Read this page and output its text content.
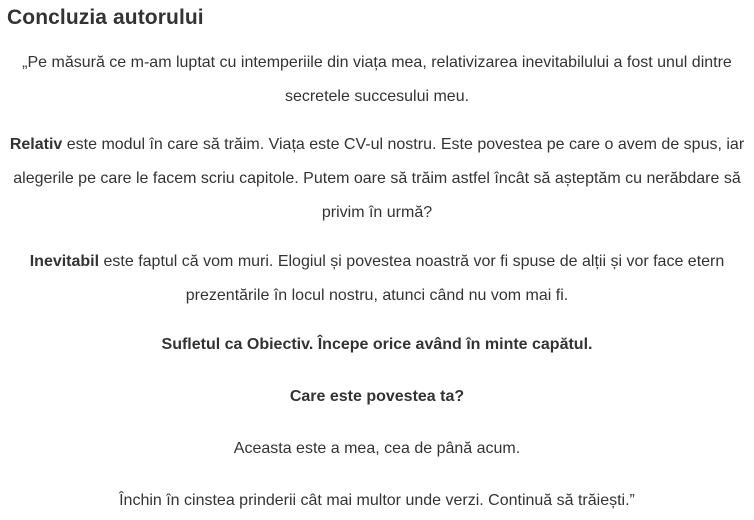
Concluzia autorului

„Pe măsură ce m-am luptat cu intemperiile din viața mea, relativizarea inevitabilului a fost unul dintre secretele succesului meu.

Relativ este modul în care să trăim. Viața este CV-ul nostru. Este povestea pe care o avem de spus, iar alegerile pe care le facem scriu capitole. Putem oare să trăim astfel încât să așteptăm cu nerăbdare să privim în urmă?

Inevitabil este faptul că vom muri. Elogiul și povestea noastră vor fi spuse de alții și vor face etern prezentările în locul nostru, atunci când nu vom mai fi.

Sufletul ca Obiectiv. Începe orice având în minte capătul.

Care este povestea ta?

Aceasta este a mea, cea de până acum.

Închin în cinstea prinderii cât mai multor unde verzi. Continuă să trăiești.”
